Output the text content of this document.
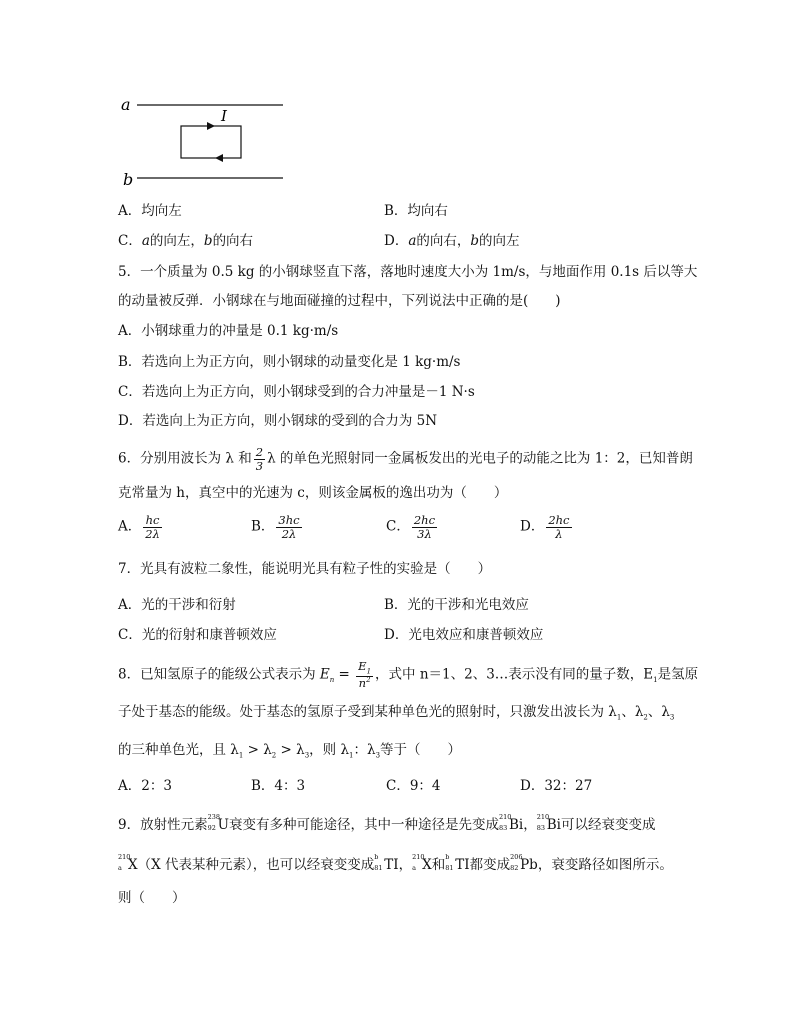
a
I
b
A．均向左	B．均向右
C．a的向左，b的向右	D．a的向右，b的向左
5．一个质量为 0.5 kg 的小钢球竖直下落，落地时速度大小为 1m/s，与地面作用 0.1s 后以等大
的动量被反弹．小钢球在与地面碰撞的过程中，下列说法中正确的是(　　)
A．小钢球重力的冲量是 0.1 kg·m/s
B．若选向上为正方向，则小钢球的动量变化是 1 kg·m/s
C．若选向上为正方向，则小钢球受到的合力冲量是－1 N·s
D．若选向上为正方向，则小钢球的受到的合力为 5N
6．分别用波长为 λ 和 $\frac{2}{3}$ λ 的单色光照射同一金属板发出的光电子的动能之比为 1：2，已知普朗
克常量为 h，真空中的光速为 c，则该金属板的逸出功为（　　）
A． $\frac{hc}{2\lambda}$	B． $\frac{3hc}{2\lambda}$	C． $\frac{2hc}{3\lambda}$	D． $\frac{2hc}{\lambda}$
7．光具有波粒二象性，能说明光具有粒子性的实验是（　　）
A．光的干涉和衍射	B．光的干涉和光电效应
C．光的衍射和康普顿效应	D．光电效应和康普顿效应
8．已知氢原子的能级公式表示为 $E_n = \frac{E_1}{n^2}$ ，式中 n＝1、2、3…表示没有同的量子数，$E_1$是氢原
子处于基态的能级。处于基态的氢原子受到某种单色光的照射时，只激发出波长为 $\lambda_1$、$\lambda_2$、$\lambda_3$
的三种单色光，且 $\lambda_1 > \lambda_2 > \lambda_3$，则 $\lambda_1$：$\lambda_3$等于（　　）
A．2：3	B．4：3	C．9：4	D．32：27
9．放射性元素 238
92 U衰变有多种可能途径，其中一种途径是先变成 210
83 Bi， 210
83 Bi可以经衰变变成
210
a X（X 代表某种元素），也可以经衰变变成 b
81 TI， 210
a X和 b
81 TI都变成 206
82 Pb，衰变路径如图所示。
则（　　）
